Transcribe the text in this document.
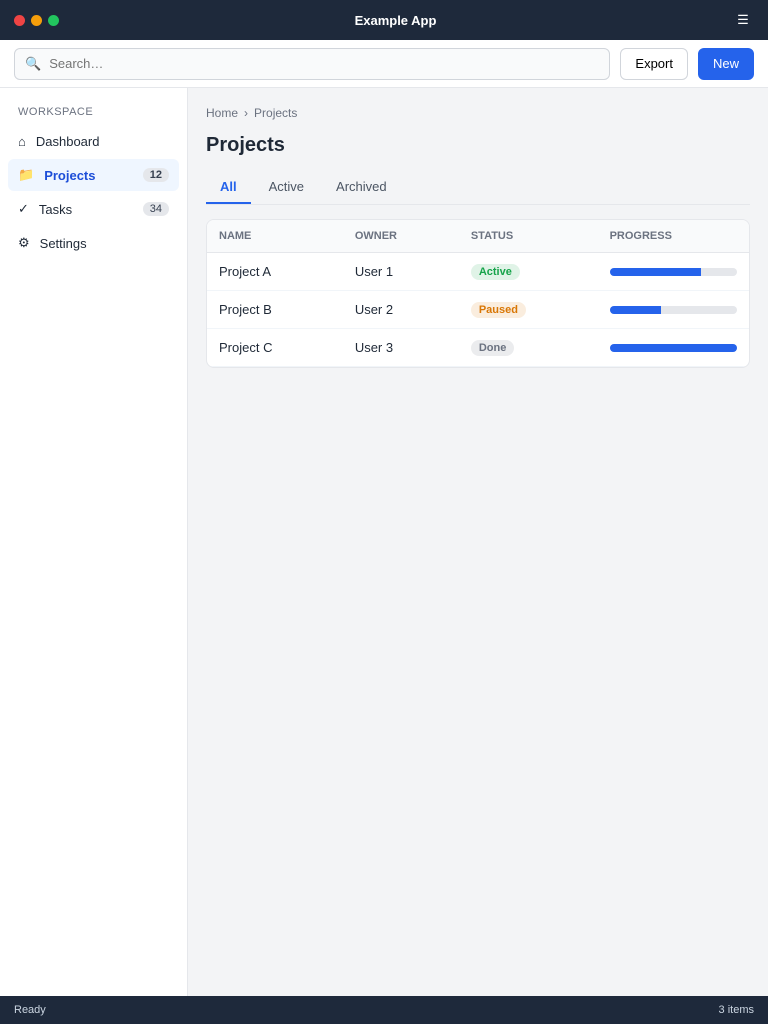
Example App	☰
🔍
Search…	Export	New
WORKSPACE
⌂ Dashboard
📁 Projects	12
✓ Tasks	34
⚙ Settings
Home › Projects
Projects
All	Active	Archived
NAME	OWNER	STATUS	PROGRESS
Project A	User 1	Active	

Project B	User 2	Paused	

Project C	User 3	Done	
Ready	3 items
